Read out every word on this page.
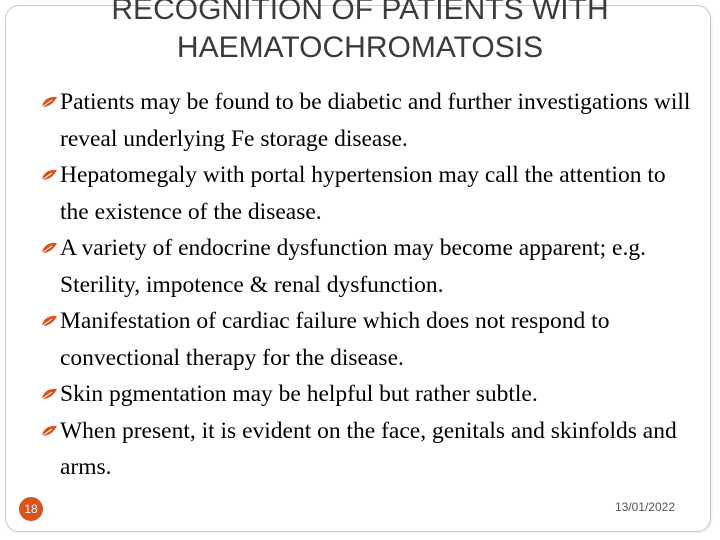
RECOGNITION OF PATIENTS WITH
HAEMATOCHROMATOSIS
Patients may be found to be diabetic and further investigations will reveal underlying Fe storage disease.
Hepatomegaly with portal hypertension may call the attention to the existence of the disease.
A variety of endocrine dysfunction may become apparent; e.g. Sterility, impotence & renal dysfunction.
Manifestation of cardiac failure which does not respond to convectional therapy for the disease.
Skin pgmentation may be helpful but rather subtle.
When present, it is evident on the face, genitals and skinfolds and arms.
18	13/01/2022
